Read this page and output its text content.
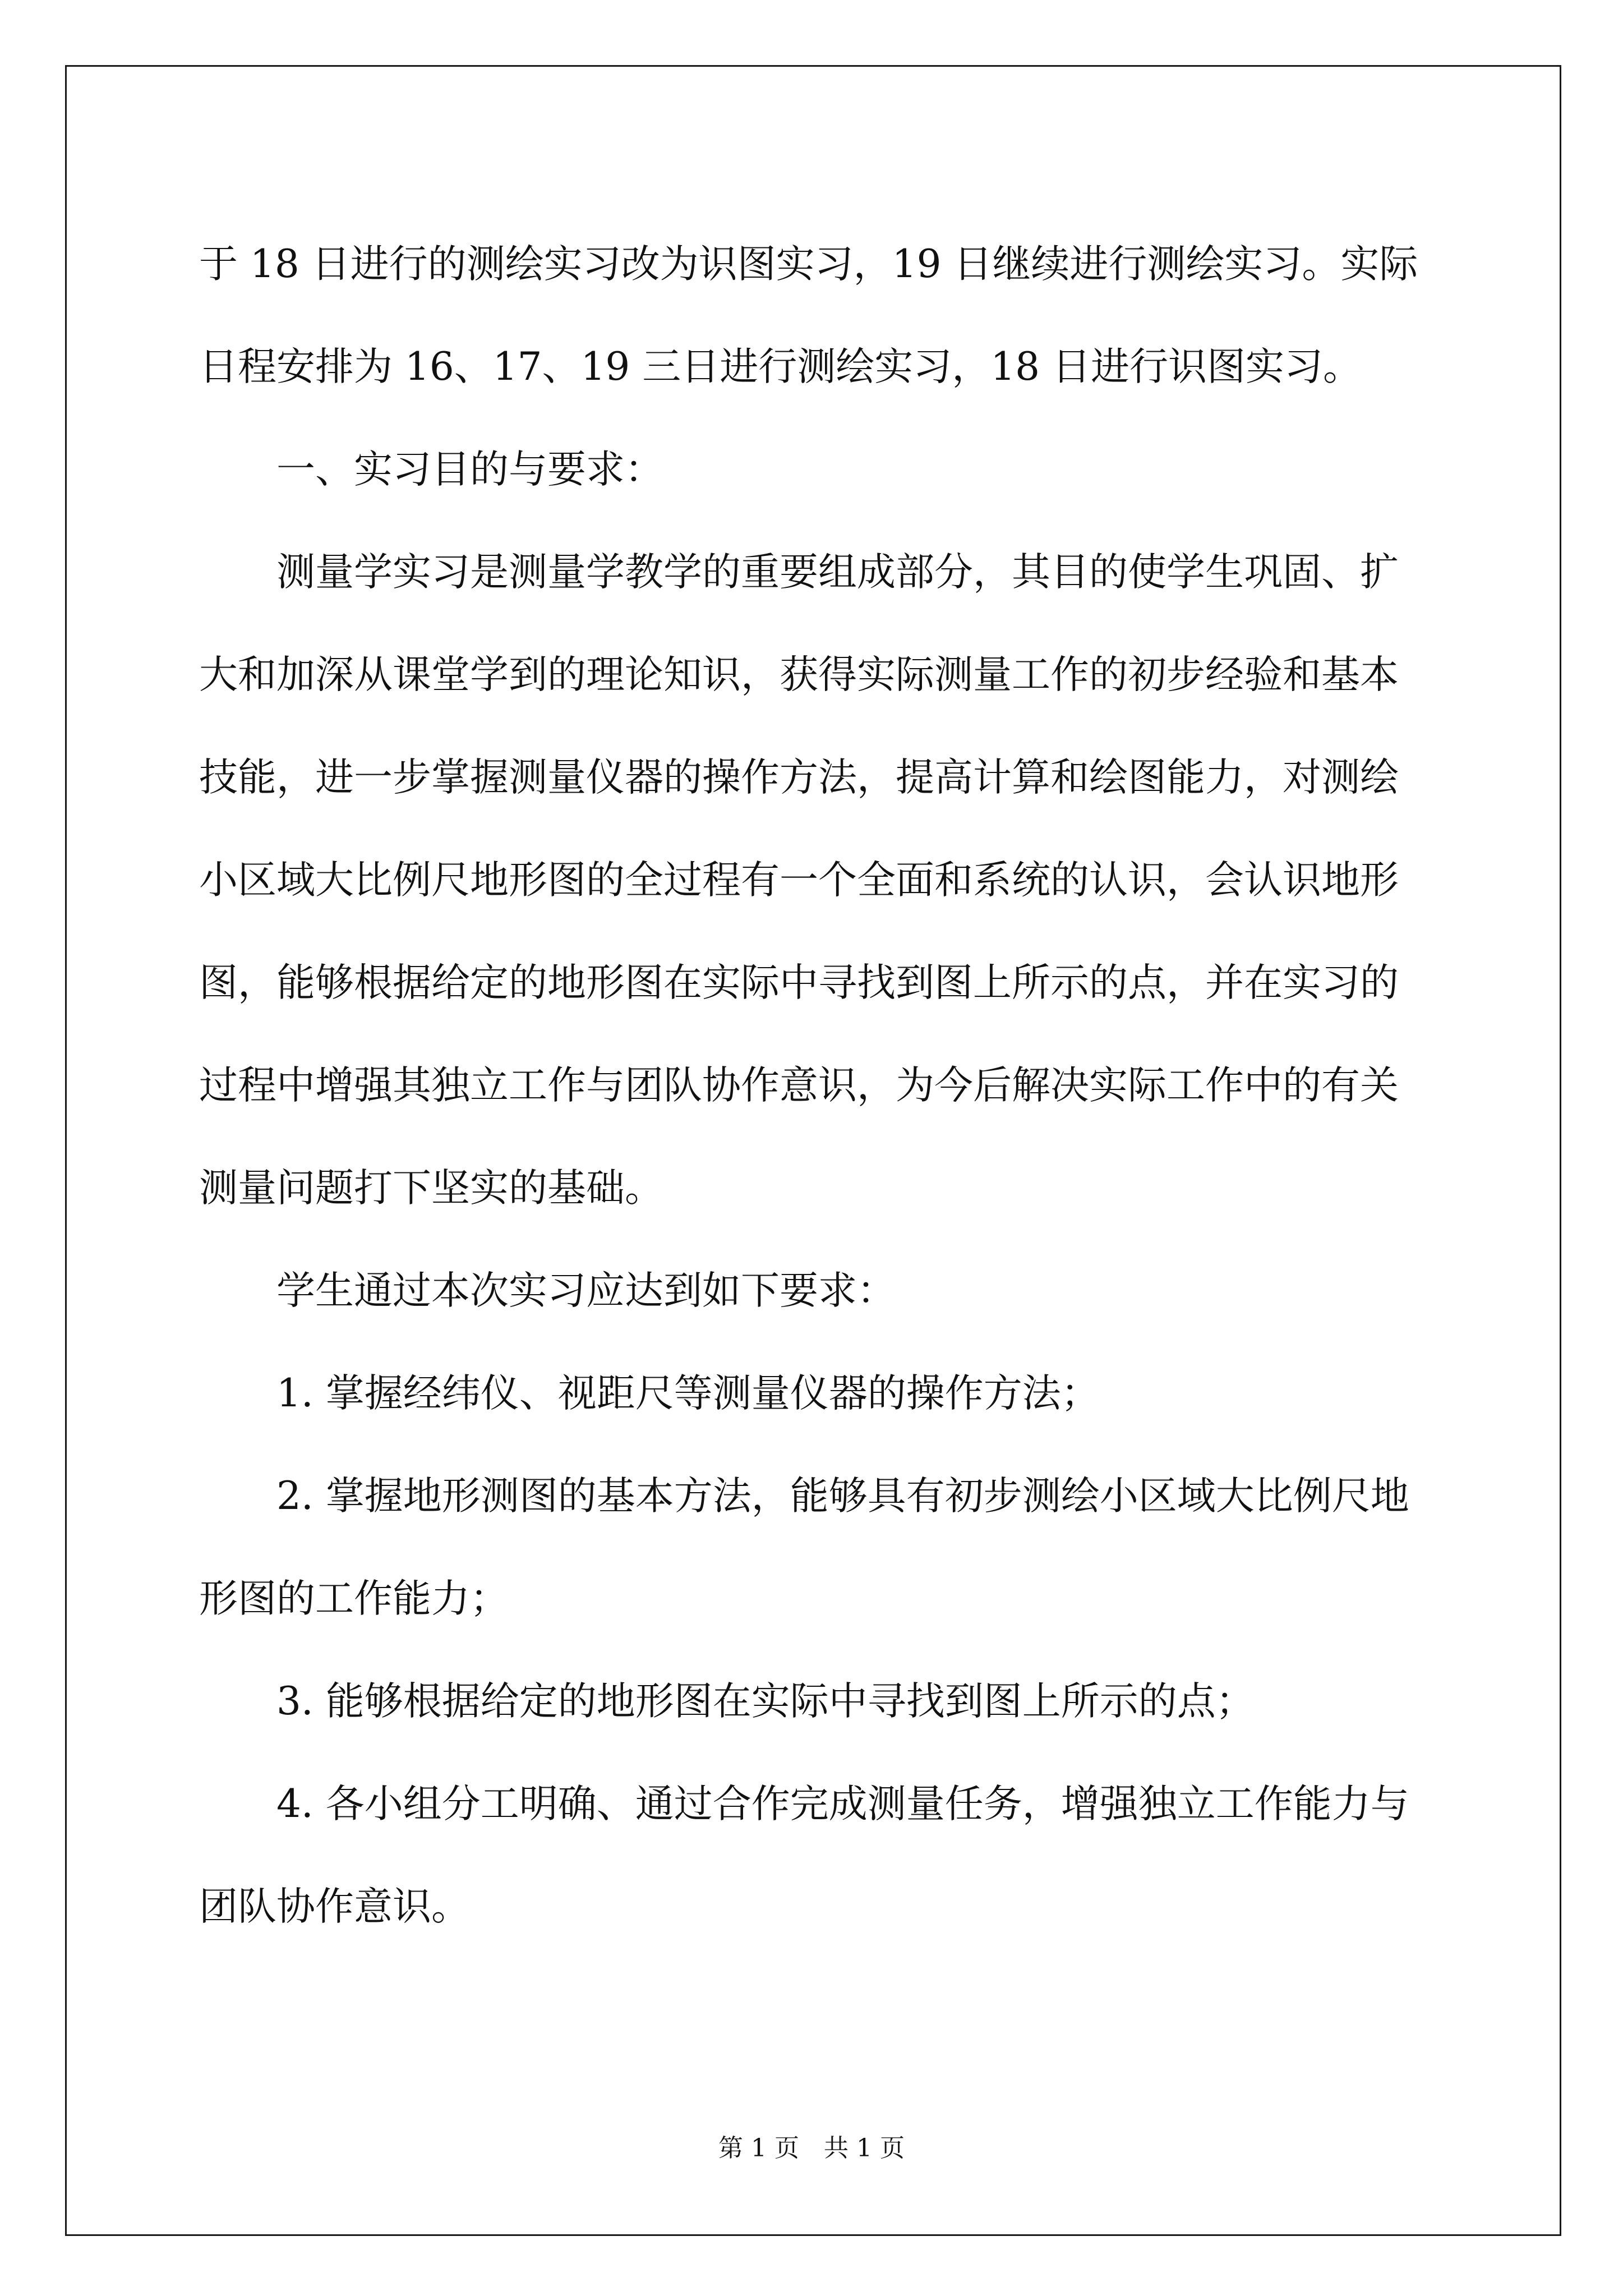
于 18 日进行的测绘实习改为识图实习，19 日继续进行测绘实习。实际日程安排为 16、17、19 三日进行测绘实习，18 日进行识图实习。

一、实习目的与要求：

测量学实习是测量学教学的重要组成部分，其目的使学生巩固、扩大和加深从课堂学到的理论知识，获得实际测量工作的初步经验和基本技能，进一步掌握测量仪器的操作方法，提高计算和绘图能力，对测绘小区域大比例尺地形图的全过程有一个全面和系统的认识，会认识地形图，能够根据给定的地形图在实际中寻找到图上所示的点，并在实习的过程中增强其独立工作与团队协作意识，为今后解决实际工作中的有关测量问题打下坚实的基础。

学生通过本次实习应达到如下要求：

1. 掌握经纬仪、视距尺等测量仪器的操作方法；

2. 掌握地形测图的基本方法，能够具有初步测绘小区域大比例尺地形图的工作能力；

3. 能够根据给定的地形图在实际中寻找到图上所示的点；

4. 各小组分工明确、通过合作完成测量任务，增强独立工作能力与团队协作意识。

第 1 页　共 1 页
